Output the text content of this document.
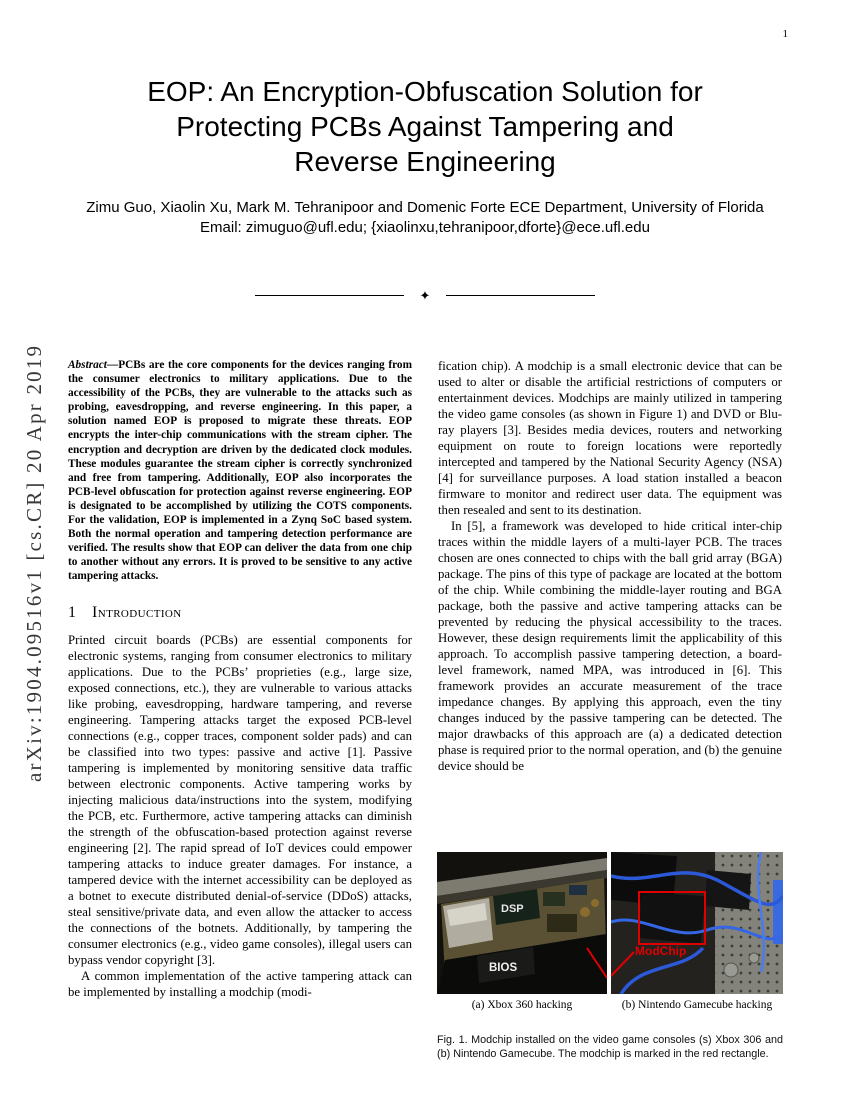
1
arXiv:1904.09516v1 [cs.CR] 20 Apr 2019
EOP: An Encryption-Obfuscation Solution for
Protecting PCBs Against Tampering and
Reverse Engineering
Zimu Guo, Xiaolin Xu, Mark M. Tehranipoor and Domenic Forte ECE Department, University of Florida
Email: zimuguo@ufl.edu; {xiaolinxu,tehranipoor,dforte}@ece.ufl.edu
✦

Abstract—PCBs are the core components for the devices ranging from the consumer electronics to military applications. Due to the accessibility of the PCBs, they are vulnerable to the attacks such as probing, eavesdropping, and reverse engineering. In this paper, a solution named EOP is proposed to migrate these threats. EOP encrypts the inter-chip communications with the stream cipher. The encryption and decryption are driven by the dedicated clock modules. These modules guarantee the stream cipher is correctly synchronized and free from tampering. Additionally, EOP also incorporates the PCB-level obfuscation for protection against reverse engineering. EOP is designated to be accomplished by utilizing the COTS components. For the validation, EOP is implemented in a Zynq SoC based system. Both the normal operation and tampering detection performance are verified. The results show that EOP can deliver the data from one chip to another without any errors. It is proved to be sensitive to any active tampering attacks.

1 Introduction

Printed circuit boards (PCBs) are essential components for electronic systems, ranging from consumer electronics to military applications. Due to the PCBs’ proprieties (e.g., large size, exposed connections, etc.), they are vulnerable to various attacks like probing, eavesdropping, hardware tampering, and reverse engineering. Tampering attacks target the exposed PCB-level connections (e.g., copper traces, component solder pads) and can be classified into two types: passive and active [1]. Passive tampering is implemented by monitoring sensitive data traffic between electronic components. Active tampering works by injecting malicious data/instructions into the system, modifying the PCB, etc. Furthermore, active tampering attacks can diminish the strength of the obfuscation-based protection against reverse engineering [2]. The rapid spread of IoT devices could empower tampering attacks to induce greater damages. For instance, a tampered device with the internet accessibility can be deployed as a botnet to execute distributed denial-of-service (DDoS) attacks, steal sensitive/private data, and even allow the attacker to access the connections of the botnets. Additionally, by tampering the consumer electronics (e.g., video game consoles), illegal users can bypass vendor copyright [3].

A common implementation of the active tampering attack can be implemented by installing a modchip (modi-

fication chip). A modchip is a small electronic device that can be used to alter or disable the artificial restrictions of computers or entertainment devices. Modchips are mainly utilized in tampering the video game consoles (as shown in Figure 1) and DVD or Blu-ray players [3]. Besides media devices, routers and networking equipment on route to foreign locations were reportedly intercepted and tampered by the National Security Agency (NSA) [4] for surveillance purposes. A load station installed a beacon firmware to monitor and redirect user data. The equipment was then resealed and sent to its destination.

In [5], a framework was developed to hide critical inter-chip traces within the middle layers of a multi-layer PCB. The traces chosen are ones connected to chips with the ball grid array (BGA) package. The pins of this type of package are located at the bottom of the chip. While combining the middle-layer routing and BGA package, both the passive and active tampering attacks can be prevented by reducing the physical accessibility to the traces. However, these design requirements limit the applicability of this approach. To accomplish passive tampering detection, a board-level framework, named MPA, was introduced in [6]. This framework provides an accurate measurement of the trace impedance changes. By applying this approach, even the tiny changes induced by the passive tampering can be detected. The major drawbacks of this approach are (a) a dedicated detection phase is required prior to the normal operation, and (b) the genuine device should be

DSP
BIOS
ModChip
(a) Xbox 360 hacking	(b) Nintendo Gamecube hacking
Fig. 1. Modchip installed on the video game consoles (s) Xbox 306 and (b) Nintendo Gamecube. The modchip is marked in the red rectangle.
